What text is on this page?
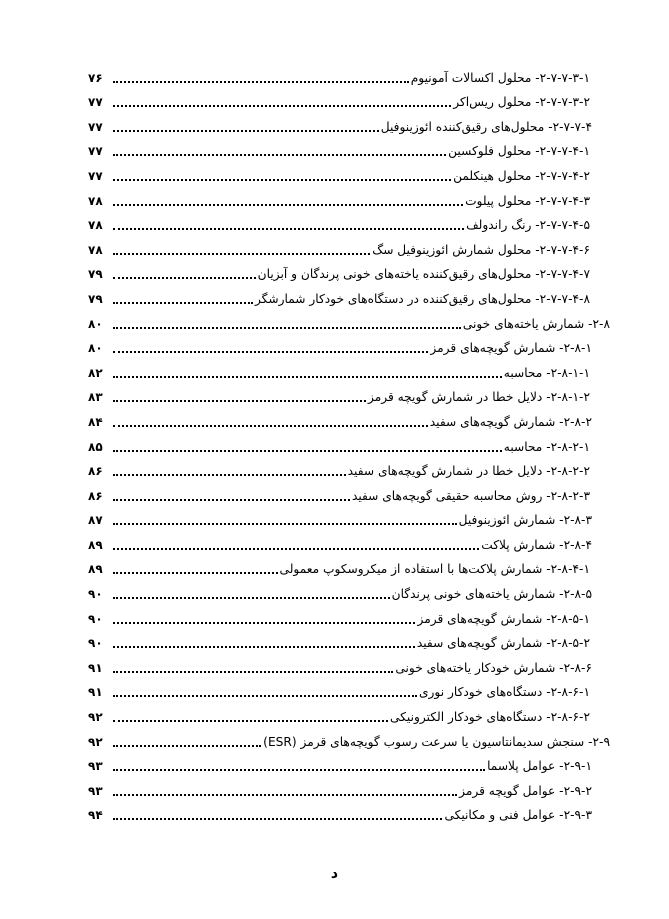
۲-۷-۷-۳-۱- محلول اکسالات آمونیوم
۷۶
۲-۷-۷-۳-۲- محلول ریس‌اکر
۷۷
۲-۷-۷-۴- محلول‌های رقیق‌کننده ائوزینوفیل
۷۷
۲-۷-۷-۴-۱- محلول فلوکسین
۷۷
۲-۷-۷-۴-۲- محلول هینکلمن
۷۷
۲-۷-۷-۴-۳- محلول پیلوت
۷۸
۲-۷-۷-۴-۵- رنگ راندولف
۷۸
۲-۷-۷-۴-۶- محلول شمارش ائوزینوفیل سگ
۷۸
۲-۷-۷-۴-۷- محلول‌های رقیق‌کننده یاخته‌های خونی پرندگان و آبزیان
۷۹
۲-۷-۷-۴-۸- محلول‌های رقیق‌کننده در دستگاه‌های خودکار شمارشگر
۷۹
۲-۸- شمارش یاخته‌های خونی
۸۰
۲-۸-۱- شمارش گویچه‌های قرمز
۸۰
۲-۸-۱-۱- محاسبه
۸۲
۲-۸-۱-۲- دلایل خطا در شمارش گویچه قرمز
۸۳
۲-۸-۲- شمارش گویچه‌های سفید
۸۴
۲-۸-۲-۱- محاسبه
۸۵
۲-۸-۲-۲- دلایل خطا در شمارش گویچه‌های سفید
۸۶
۲-۸-۲-۳- روش محاسبه حقیقی گویچه‌های سفید
۸۶
۲-۸-۳- شمارش ائوزینوفیل
۸۷
۲-۸-۴- شمارش پلاکت
۸۹
۲-۸-۴-۱- شمارش پلاکت‌ها با استفاده از میکروسکوپ معمولی
۸۹
۲-۸-۵- شمارش یاخته‌های خونی پرندگان
۹۰
۲-۸-۵-۱- شمارش گویچه‌های قرمز
۹۰
۲-۸-۵-۲- شمارش گویچه‌های سفید
۹۰
۲-۸-۶- شمارش خودکار یاخته‌های خونی
۹۱
۲-۸-۶-۱- دستگاه‌های خودکار نوری
۹۱
۲-۸-۶-۲- دستگاه‌های خودکار الکترونیکی
۹۲
۲-۹- سنجش سدیمانتاسیون یا سرعت رسوب گویچه‌های قرمز (ESR)
۹۲
۲-۹-۱- عوامل پلاسما
۹۳
۲-۹-۲- عوامل گویچه قرمز
۹۳
۲-۹-۳- عوامل فنی و مکانیکی
۹۴
د
